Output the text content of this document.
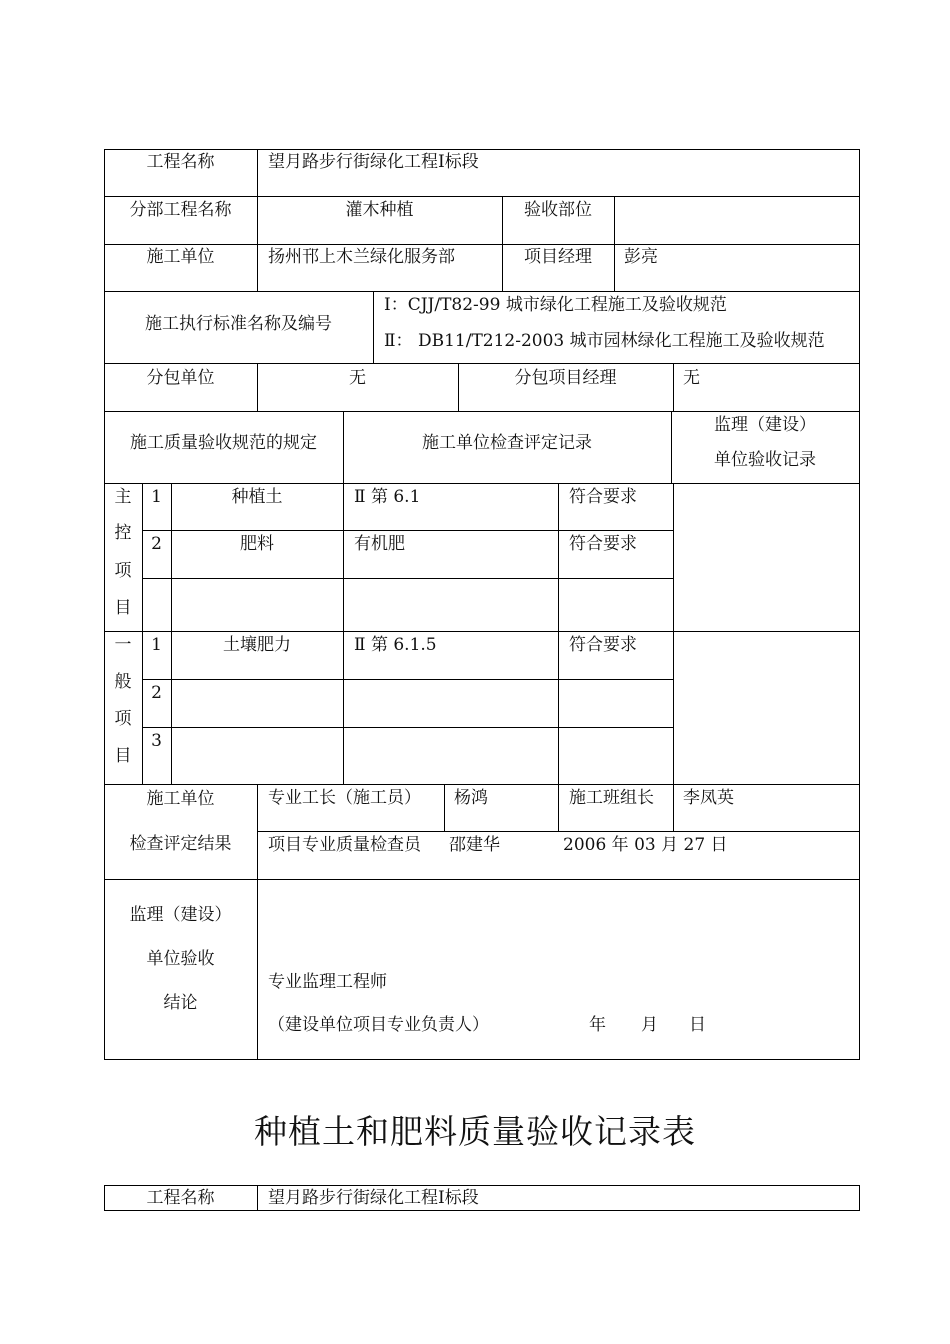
工程名称	望月路步行街绿化工程Ⅰ标段
分部工程名称	灌木种植	验收部位
施工单位	扬州邗上木兰绿化服务部	项目经理	彭亮
施工执行标准名称及编号
Ⅰ：CJJ/T82-99 城市绿化工程施工及验收规范
Ⅱ： DB11/T212-2003 城市园林绿化工程施工及验收规范
分包单位	无	分包项目经理	无
施工质量验收规范的规定	施工单位检查评定记录
监理（建设）
单位验收记录
主
控
项
目
1	种植土	Ⅱ 第 6.1	符合要求
2	肥料	有机肥	符合要求
一
般
项
目
1	土壤肥力	Ⅱ 第 6.1.5	符合要求
2
3
施工单位
检查评定结果
专业工长（施工员） 杨鸿	施工班组长 李凤英
项目专业质量检查员 邵建华	2006 年 03 月 27 日
监理（建设）
单位验收
结论
专业监理工程师
（建设单位项目专业负责人）	年 月 日
种植土和肥料质量验收记录表
工程名称	望月路步行街绿化工程Ⅰ标段
